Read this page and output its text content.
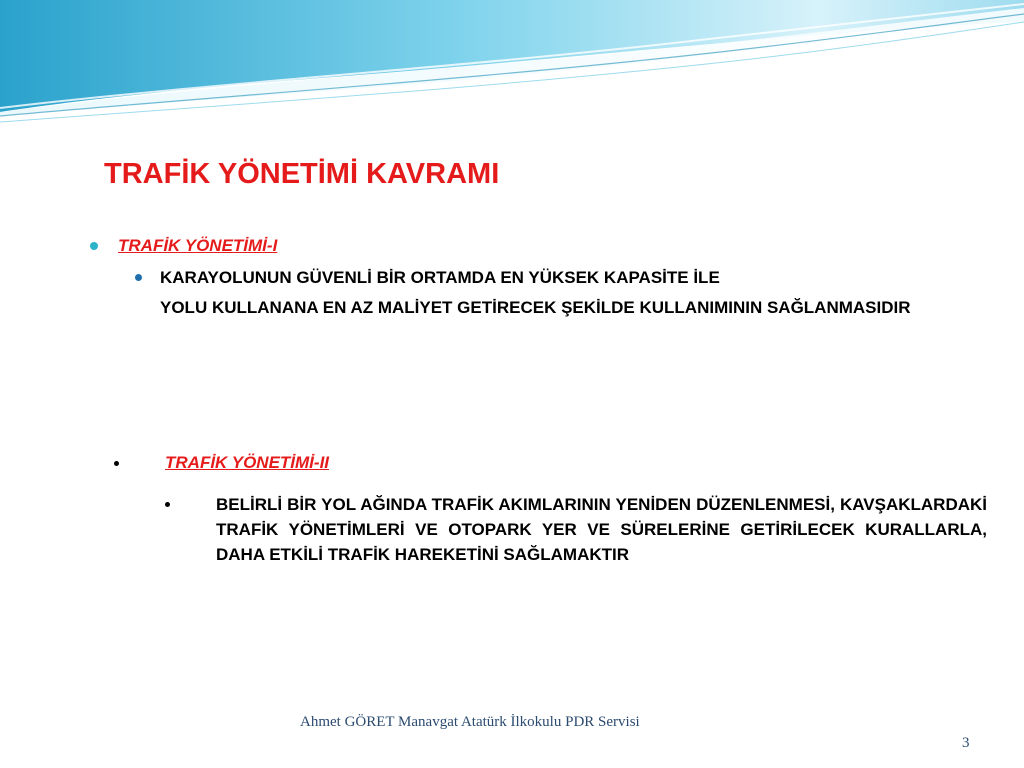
TRAFİK YÖNETİMİ KAVRAMI
TRAFİK YÖNETİMİ-I
KARAYOLUNUN GÜVENLİ BİR ORTAMDA EN YÜKSEK KAPASİTE İLE
YOLU KULLANANA EN AZ MALİYET GETİRECEK ŞEKİLDE KULLANIMININ SAĞLANMASIDIR
TRAFİK YÖNETİMİ-II
BELİRLİ BİR YOL AĞINDA TRAFİK AKIMLARININ YENİDEN DÜZENLENMESİ, KAVŞAKLARDAKİ TRAFİK YÖNETİMLERİ VE OTOPARK YER VE SÜRELERİNE GETİRİLECEK KURALLARLA, DAHA ETKİLİ TRAFİK HAREKETİNİ SAĞLAMAKTIR
Ahmet GÖRET Manavgat Atatürk İlkokulu PDR Servisi
3
